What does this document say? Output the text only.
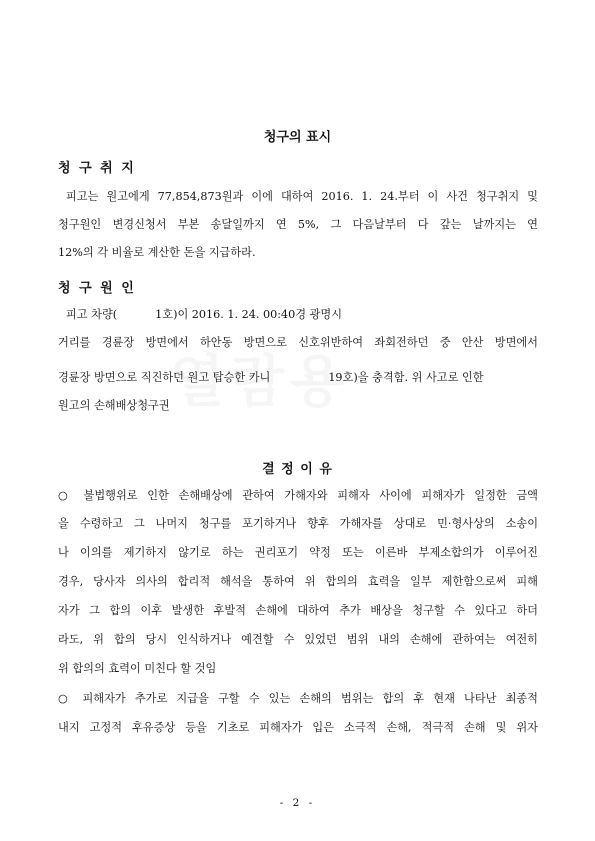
청구의 표시
청 구 취 지
피고는 원고에게 77,854,873원과 이에 대하여 2016. 1. 24.부터 이 사건 청구취지 및
청구원인 변경신청서 부본 송달일까지 연 5%, 그 다음날부터 다 갚는 날까지는 연
12%의 각 비율로 계산한 돈을 지급하라.
청 구 원 인
피고 차량(	1호)이 2016. 1. 24. 00:40경 광명시
거리를 경륜장 방면에서 하안동 방면으로 신호위반하여 좌회전하던 중 안산 방면에서
경륜장 방면으로 직진하던 원고 탑승한 카니	19호)을 충격함. 위 사고로 인한
원고의 손해배상청구권
결 정 이 유
○ 불법행위로 인한 손해배상에 관하여 가해자와 피해자 사이에 피해자가 일정한 금액
을 수령하고 그 나머지 청구를 포기하거나 향후 가해자를 상대로 민·형사상의 소송이
나 이의를 제기하지 않기로 하는 권리포기 약정 또는 이른바 부제소합의가 이루어진
경우, 당사자 의사의 합리적 해석을 통하여 위 합의의 효력을 일부 제한함으로써 피해
자가 그 합의 이후 발생한 후발적 손해에 대하여 추가 배상을 청구할 수 있다고 하더
라도, 위 합의 당시 인식하거나 예견할 수 있었던 범위 내의 손해에 관하여는 여전히
위 합의의 효력이 미친다 할 것임
○ 피해자가 추가로 지급을 구할 수 있는 손해의 범위는 합의 후 현재 나타난 최종적
내지 고정적 후유증상 등을 기초로 피해자가 입은 소극적 손해, 적극적 손해 및 위자
- 2 -
